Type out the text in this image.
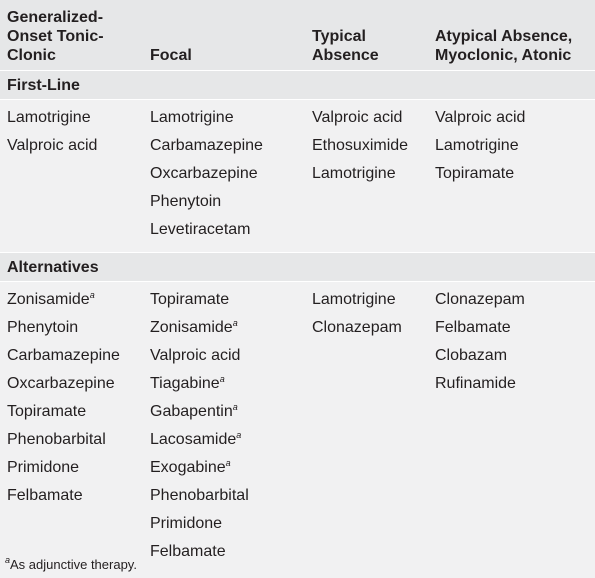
Generalized-
Onset Tonic-
Clonic	Focal
Typical
Absence
Atypical Absence,
Myoclonic, Atonic
First-Line
Lamotrigine
Valproic acid
Lamotrigine
Carbamazepine
Oxcarbazepine
Phenytoin
Levetiracetam
Valproic acid
Ethosuximide
Lamotrigine
Valproic acid
Lamotrigine
Topiramate
Alternatives
Zonisamide$^a$
Phenytoin
Carbamazepine
Oxcarbazepine
Topiramate
Phenobarbital
Primidone
Felbamate
Topiramate
Zonisamide$^a$
Valproic acid
Tiagabine$^a$
Gabapentin$^a$
Lacosamide$^a$
Exogabine$^a$
Phenobarbital
Primidone
Felbamate
Lamotrigine
Clonazepam
Clonazepam
Felbamate
Clobazam
Rufinamide
$^a$As adjunctive therapy.
